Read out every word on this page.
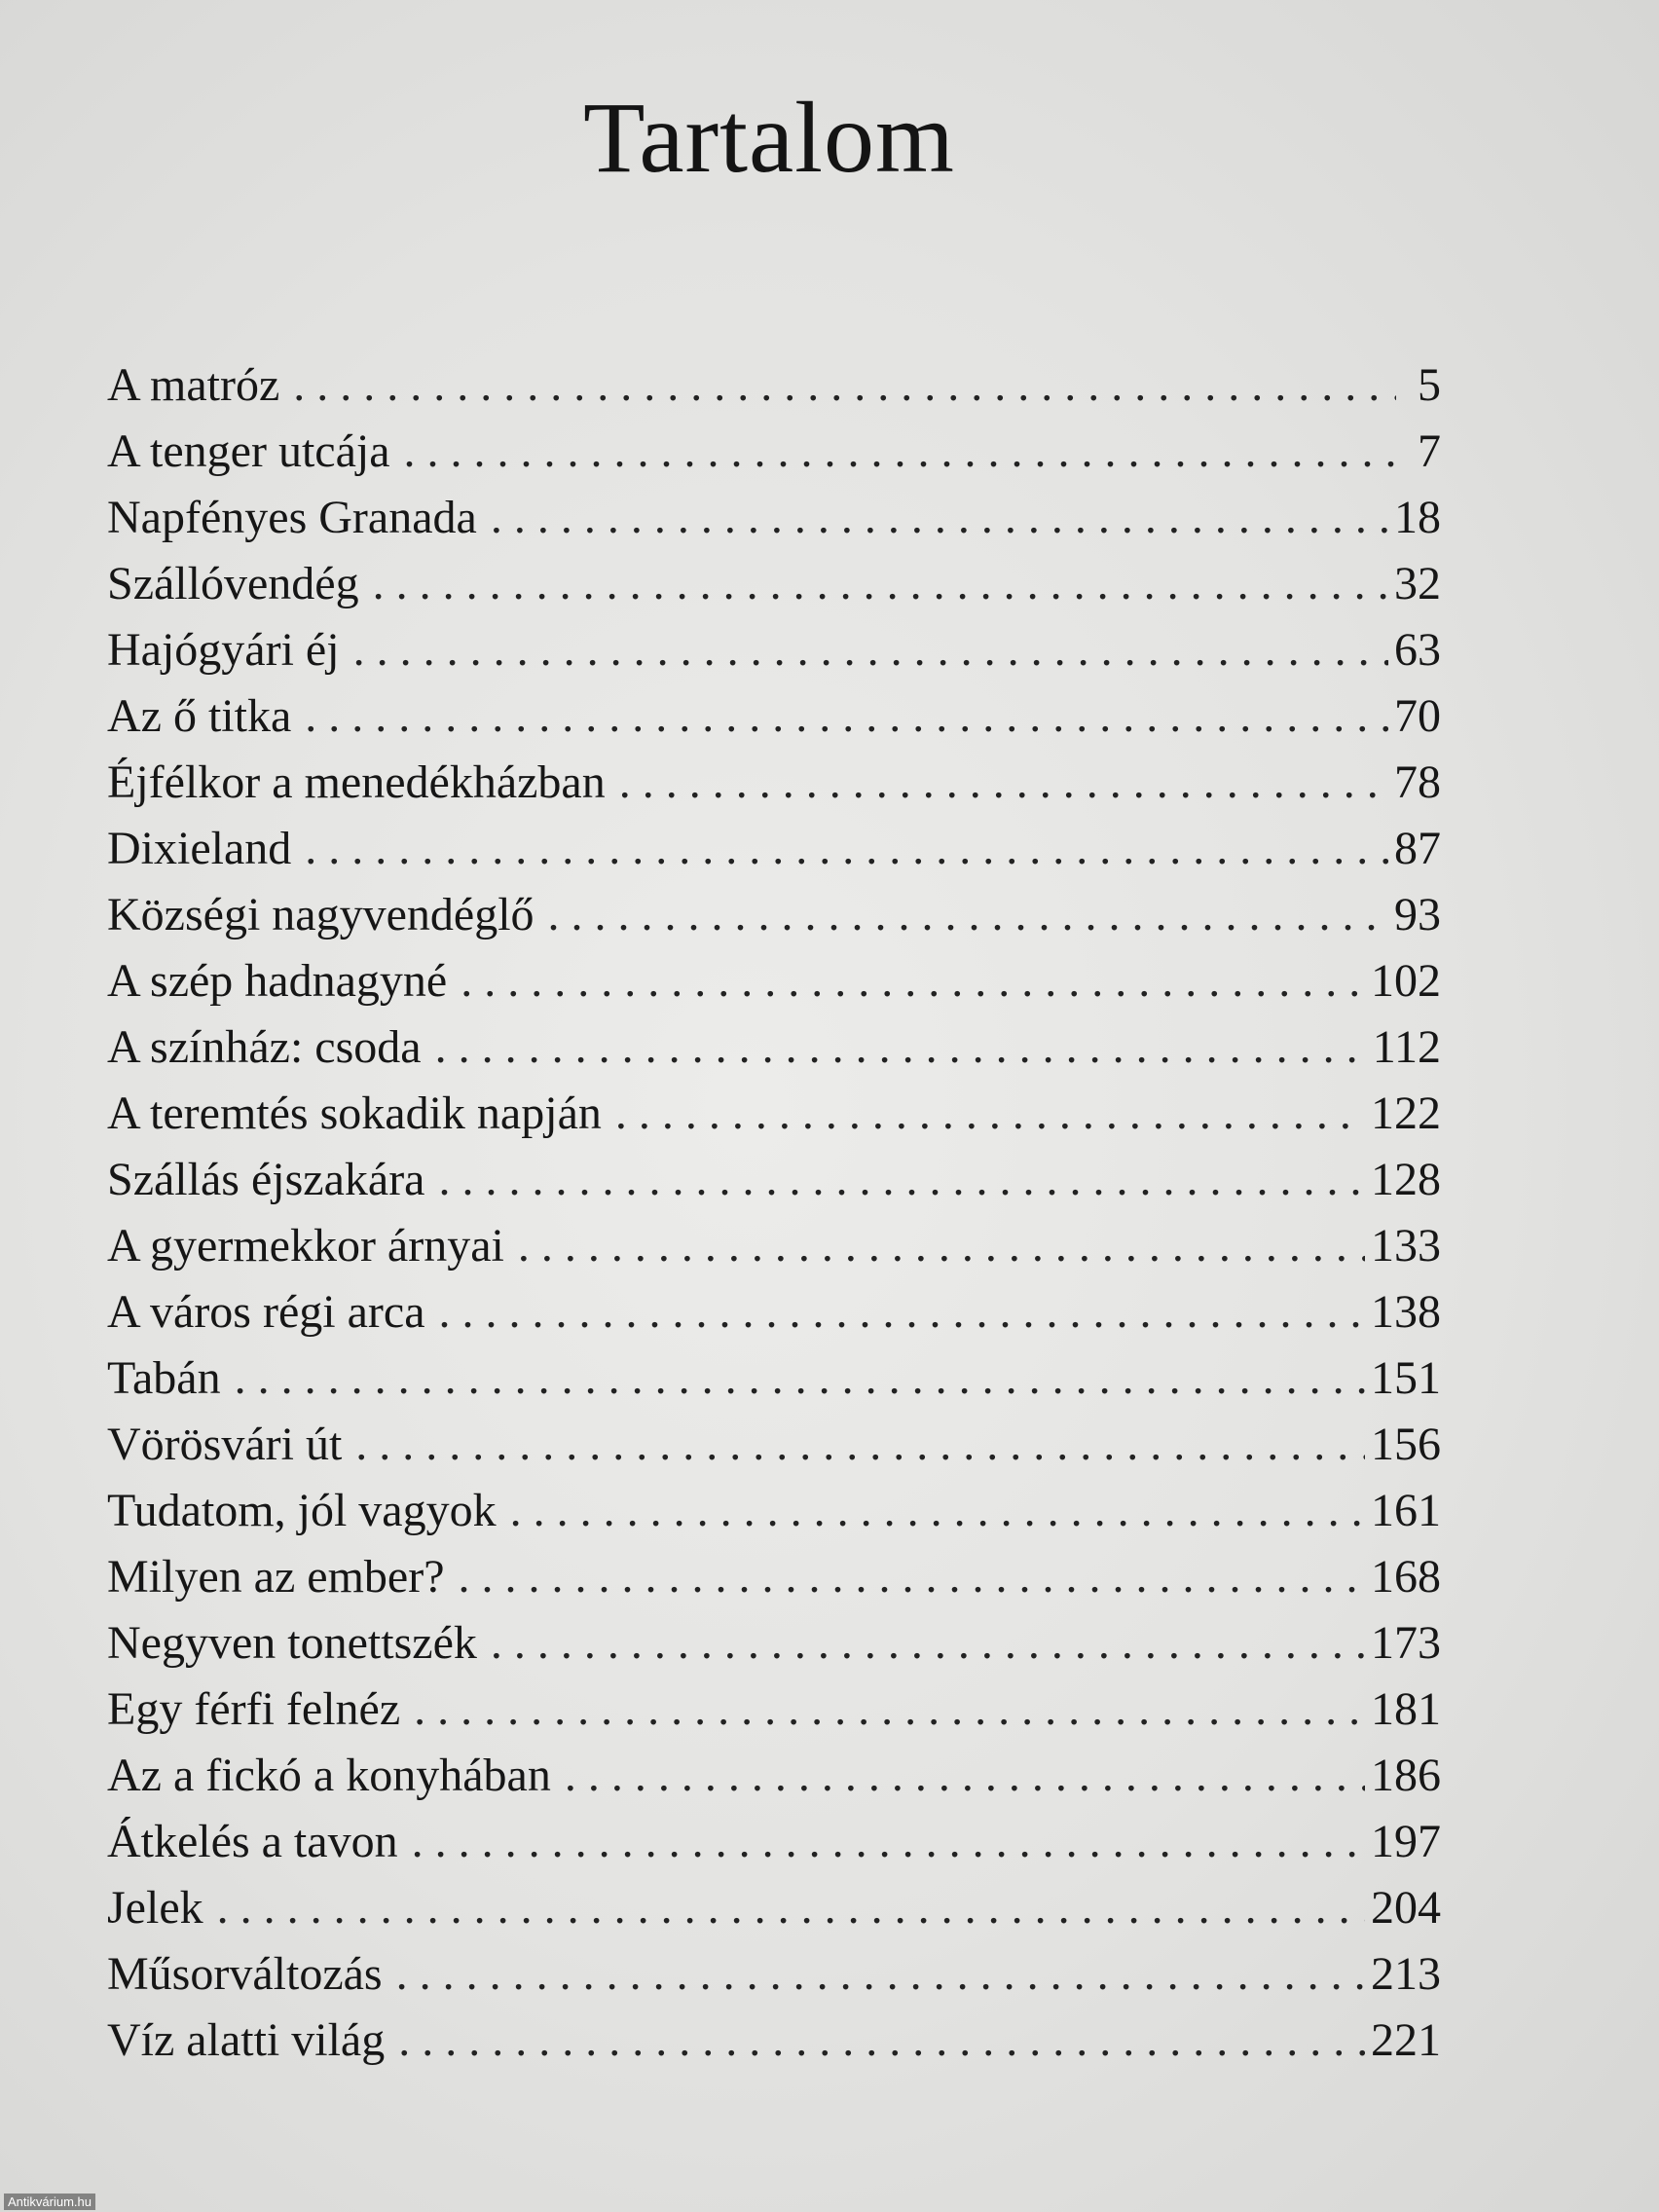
Tartalom
A matróz . . .	5
A tenger utcája . . .	7
Napfényes Granada . . .	18
Szállóvendég . . .	32
Hajógyári éj . . .	63
Az ő titka . . .	70
Éjfélkor a menedékházban . . .	78
Dixieland . . .	87
Községi nagyvendéglő . . .	93
A szép hadnagyné . . .	102
A színház: csoda . . .	112
A teremtés sokadik napján . . .	122
Szállás éjszakára . . .	128
A gyermekkor árnyai . . .	133
A város régi arca . . .	138
Tabán . . .	151
Vörösvári út . . .	156
Tudatom, jól vagyok . . .	161
Milyen az ember? . . .	168
Negyven tonettszék . . .	173
Egy férfi felnéz . . .	181
Az a fickó a konyhában . . .	186
Átkelés a tavon . . .	197
Jelek . . .	204
Műsorváltozás . . .	213
Víz alatti világ . . .	221
Antikvárium.hu
